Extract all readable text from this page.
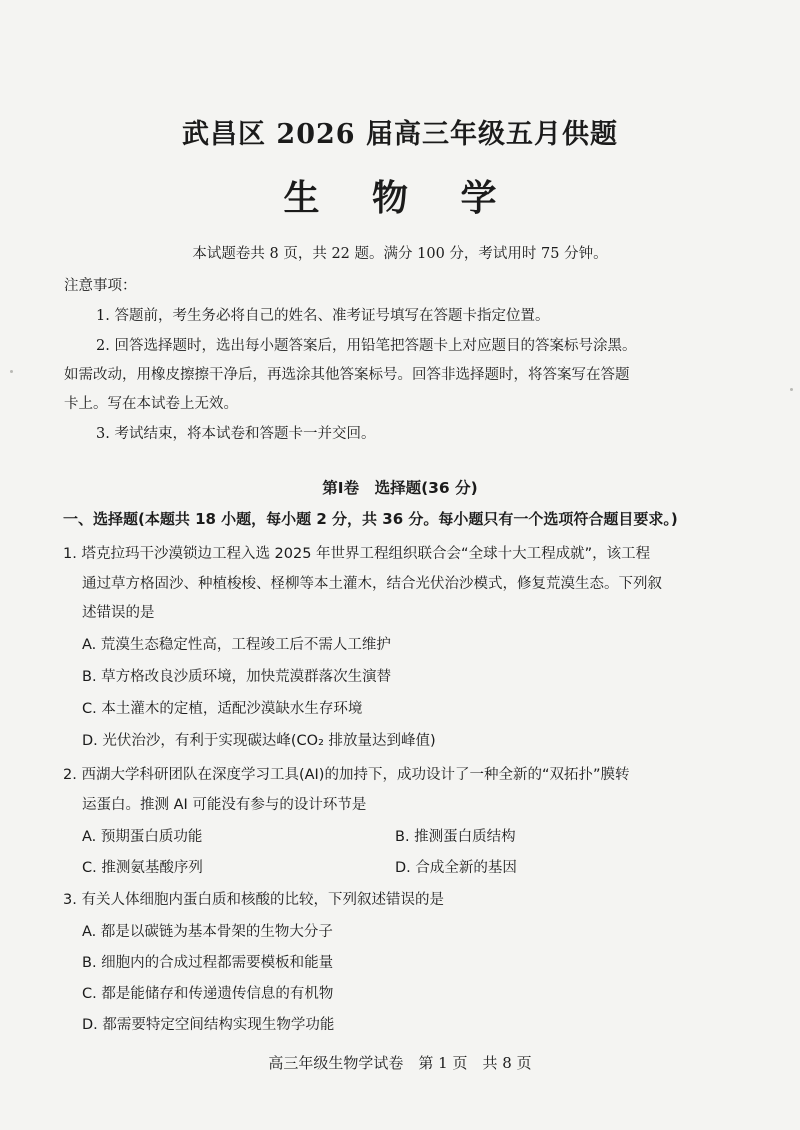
武昌区 2026 届高三年级五月供题
生 物 学
本试题卷共 8 页，共 22 题。满分 100 分，考试用时 75 分钟。
注意事项：
1. 答题前，考生务必将自己的姓名、准考证号填写在答题卡指定位置。
2. 回答选择题时，选出每小题答案后，用铅笔把答题卡上对应题目的答案标号涂黑。
如需改动，用橡皮擦擦干净后，再选涂其他答案标号。回答非选择题时，将答案写在答题
卡上。写在本试卷上无效。
3. 考试结束，将本试卷和答题卡一并交回。
第Ⅰ卷　选择题(36 分)
一、选择题(本题共 18 小题，每小题 2 分，共 36 分。每小题只有一个选项符合题目要求。)
1. 塔克拉玛干沙漠锁边工程入选 2025 年世界工程组织联合会“全球十大工程成就”，该工程
通过草方格固沙、种植梭梭、柽柳等本土灌木，结合光伏治沙模式，修复荒漠生态。下列叙
述错误的是
A. 荒漠生态稳定性高，工程竣工后不需人工维护
B. 草方格改良沙质环境，加快荒漠群落次生演替
C. 本土灌木的定植，适配沙漠缺水生存环境
D. 光伏治沙，有利于实现碳达峰(CO₂ 排放量达到峰值)
2. 西湖大学科研团队在深度学习工具(AI)的加持下，成功设计了一种全新的“双拓扑”膜转
运蛋白。推测 AI 可能没有参与的设计环节是
A. 预期蛋白质功能	B. 推测蛋白质结构
C. 推测氨基酸序列	D. 合成全新的基因
3. 有关人体细胞内蛋白质和核酸的比较，下列叙述错误的是
A. 都是以碳链为基本骨架的生物大分子
B. 细胞内的合成过程都需要模板和能量
C. 都是能储存和传递遗传信息的有机物
D. 都需要特定空间结构实现生物学功能
高三年级生物学试卷　第 1 页　共 8 页
